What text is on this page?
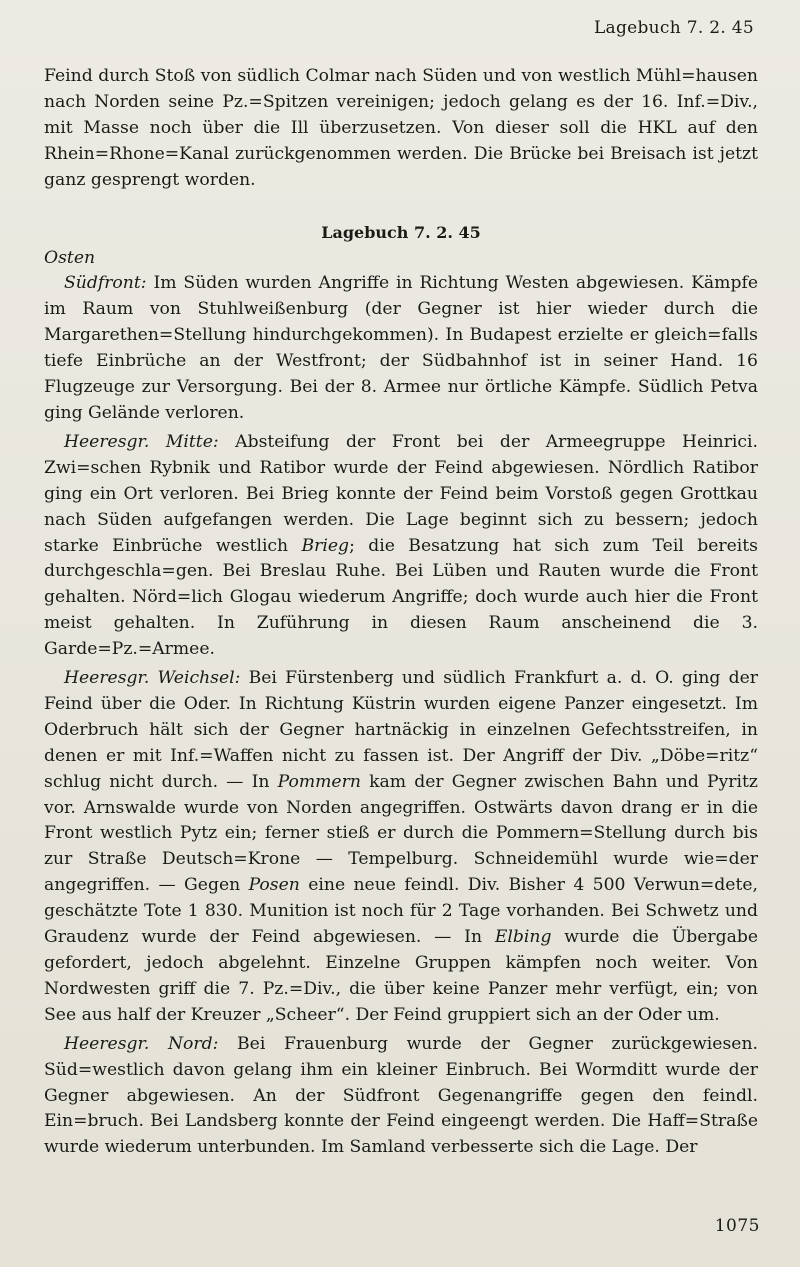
Lagebuch 7. 2. 45

Feind durch Stoß von südlich Colmar nach Süden und von westlich Mühl=hausen nach Norden seine Pz.=Spitzen vereinigen; jedoch gelang es der 16. Inf.=Div., mit Masse noch über die Ill überzusetzen. Von dieser soll die HKL auf den Rhein=Rhone=Kanal zurückgenommen werden. Die Brücke bei Breisach ist jetzt ganz gesprengt worden.

Lagebuch 7. 2. 45

Osten

Südfront: Im Süden wurden Angriffe in Richtung Westen abgewiesen. Kämpfe im Raum von Stuhlweißenburg (der Gegner ist hier wieder durch die Margarethen=Stellung hindurchgekommen). In Budapest erzielte er gleich=falls tiefe Einbrüche an der Westfront; der Südbahnhof ist in seiner Hand. 16 Flugzeuge zur Versorgung. Bei der 8. Armee nur örtliche Kämpfe. Südlich Petva ging Gelände verloren.

Heeresgr. Mitte: Absteifung der Front bei der Armeegruppe Heinrici. Zwi=schen Rybnik und Ratibor wurde der Feind abgewiesen. Nördlich Ratibor ging ein Ort verloren. Bei Brieg konnte der Feind beim Vorstoß gegen Grottkau nach Süden aufgefangen werden. Die Lage beginnt sich zu bessern; jedoch starke Einbrüche westlich Brieg; die Besatzung hat sich zum Teil bereits durchgeschla=gen. Bei Breslau Ruhe. Bei Lüben und Rauten wurde die Front gehalten. Nörd=lich Glogau wiederum Angriffe; doch wurde auch hier die Front meist gehalten. In Zuführung in diesen Raum anscheinend die 3. Garde=Pz.=Armee.

Heeresgr. Weichsel: Bei Fürstenberg und südlich Frankfurt a. d. O. ging der Feind über die Oder. In Richtung Küstrin wurden eigene Panzer eingesetzt. Im Oderbruch hält sich der Gegner hartnäckig in einzelnen Gefechtsstreifen, in denen er mit Inf.=Waffen nicht zu fassen ist. Der Angriff der Div. „Döbe=ritz“ schlug nicht durch. — In Pommern kam der Gegner zwischen Bahn und Pyritz vor. Arnswalde wurde von Norden angegriffen. Ostwärts davon drang er in die Front westlich Pytz ein; ferner stieß er durch die Pommern=Stellung durch bis zur Straße Deutsch=Krone — Tempelburg. Schneidemühl wurde wie=der angegriffen. — Gegen Posen eine neue feindl. Div. Bisher 4 500 Verwun=dete, geschätzte Tote 1 830. Munition ist noch für 2 Tage vorhanden. Bei Schwetz und Graudenz wurde der Feind abgewiesen. — In Elbing wurde die Übergabe gefordert, jedoch abgelehnt. Einzelne Gruppen kämpfen noch weiter. Von Nordwesten griff die 7. Pz.=Div., die über keine Panzer mehr verfügt, ein; von See aus half der Kreuzer „Scheer“. Der Feind gruppiert sich an der Oder um.

Heeresgr. Nord: Bei Frauenburg wurde der Gegner zurückgewiesen. Süd=westlich davon gelang ihm ein kleiner Einbruch. Bei Wormditt wurde der Gegner abgewiesen. An der Südfront Gegenangriffe gegen den feindl. Ein=bruch. Bei Landsberg konnte der Feind eingeengt werden. Die Haff=Straße wurde wiederum unterbunden. Im Samland verbesserte sich die Lage. Der

1075
